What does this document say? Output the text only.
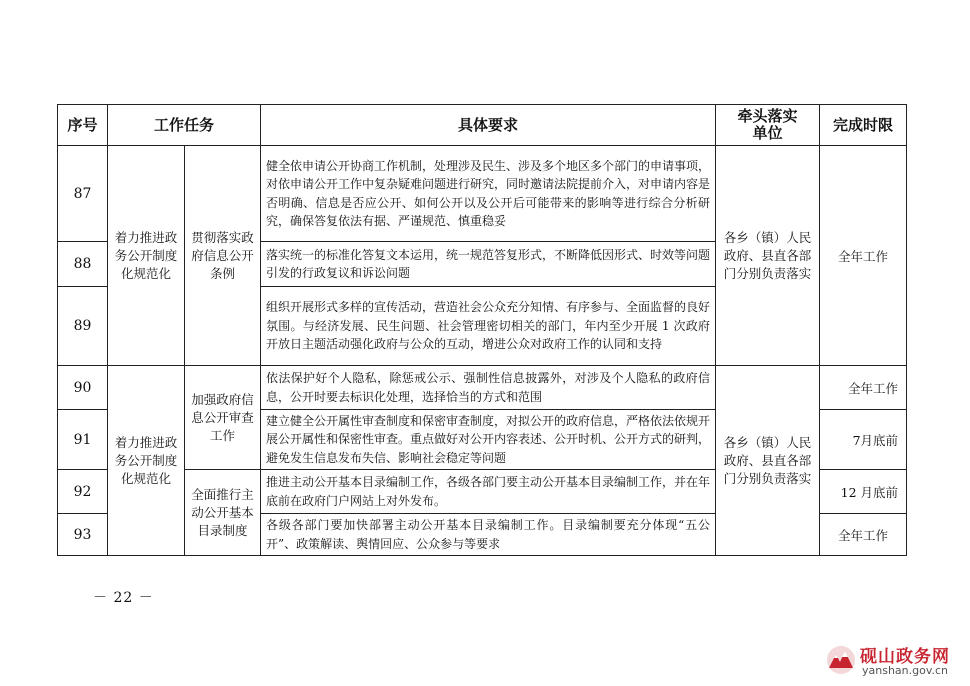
序号	工作任务		具体要求	牵头落实单位	完成时限
87	着力推进政务公开制度化规范化	贯彻落实政府信息公开条例	健全依申请公开协商工作机制，处理涉及民生、涉及多个地区多个部门的申请事项，对依申请公开工作中复杂疑难问题进行研究，同时邀请法院提前介入，对申请内容是否明确、信息是否应公开、如何公开以及公开后可能带来的影响等进行综合分析研究，确保答复依法有据、严谨规范、慎重稳妥	各乡（镇）人民政府、县直各部门分别负责落实	全年工作
88			落实统一的标准化答复文本运用，统一规范答复形式，不断降低因形式、时效等问题引发的行政复议和诉讼问题		
89			组织开展形式多样的宣传活动，营造社会公众充分知情、有序参与、全面监督的良好氛围。与经济发展、民生问题、社会管理密切相关的部门，年内至少开展 1 次政府开放日主题活动强化政府与公众的互动，增进公众对政府工作的认同和支持		
90	着力推进政务公开制度化规范化	加强政府信息公开审查工作	依法保护好个人隐私，除惩戒公示、强制性信息披露外，对涉及个人隐私的政府信息，公开时要去标识化处理，选择恰当的方式和范围	各乡（镇）人民政府、县直各部门分别负责落实	全年工作
91			建立健全公开属性审查制度和保密审查制度，对拟公开的政府信息，严格依法依规开展公开属性和保密性审查。重点做好对公开内容表述、公开时机、公开方式的研判，避免发生信息发布失信、影响社会稳定等问题		7月底前
92		全面推行主动公开基本目录制度	推进主动公开基本目录编制工作，各级各部门要主动公开基本目录编制工作，并在年底前在政府门户网站上对外发布。		12 月底前
93			各级各部门要加快部署主动公开基本目录编制工作。目录编制要充分体现“五公开”、政策解读、舆情回应、公众参与等要求		全年工作
－ 22 －
砚山政务网
yanshan.gov.cn
